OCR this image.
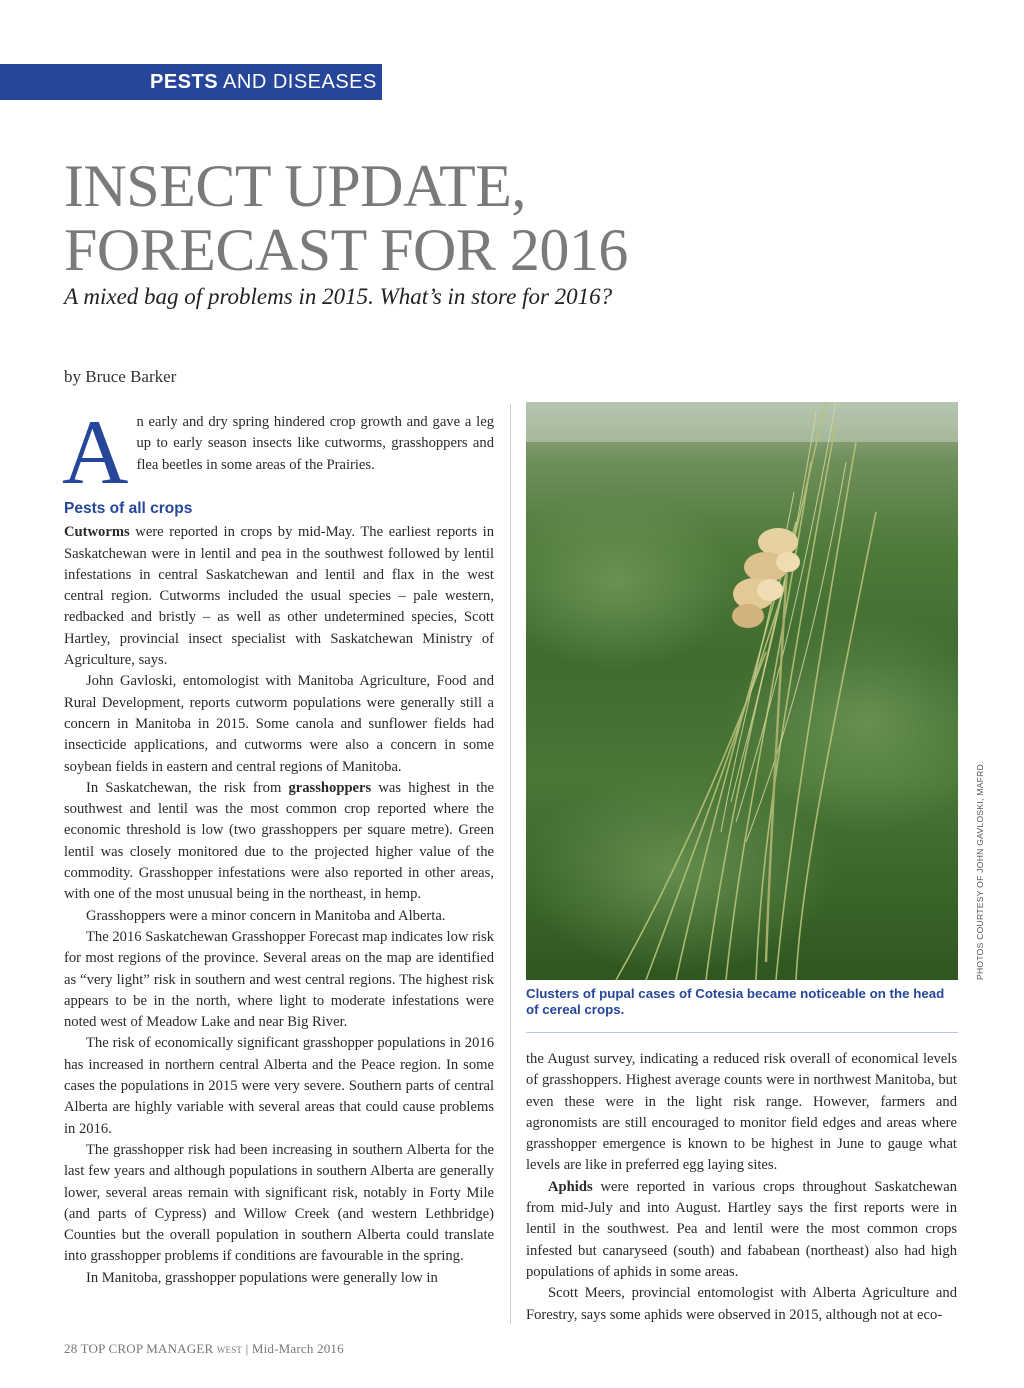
PESTS AND DISEASES
INSECT UPDATE,
FORECAST FOR 2016
A mixed bag of problems in 2015. What’s in store for 2016?
by Bruce Barker

An early and dry spring hindered crop growth and gave a leg up to early season insects like cutworms, grasshoppers and flea beetles in some areas of the Prairies.

Pests of all crops

Cutworms were reported in crops by mid-May. The earliest reports in Saskatchewan were in lentil and pea in the southwest followed by lentil infestations in central Saskatchewan and lentil and flax in the west central region. Cutworms included the usual species – pale western, redbacked and bristly – as well as other undetermined species, Scott Hartley, provincial insect specialist with Saskatchewan Ministry of Agriculture, says.

John Gavloski, entomologist with Manitoba Agriculture, Food and Rural Development, reports cutworm populations were generally still a concern in Manitoba in 2015. Some canola and sunflower fields had insecticide applications, and cutworms were also a concern in some soybean fields in eastern and central regions of Manitoba.

In Saskatchewan, the risk from grasshoppers was highest in the southwest and lentil was the most common crop reported where the economic threshold is low (two grasshoppers per square metre). Green lentil was closely monitored due to the projected higher value of the commodity. Grasshopper infestations were also reported in other areas, with one of the most unusual being in the northeast, in hemp.

Grasshoppers were a minor concern in Manitoba and Alberta.

The 2016 Saskatchewan Grasshopper Forecast map indicates low risk for most regions of the province. Several areas on the map are identified as “very light” risk in southern and west central regions. The highest risk appears to be in the north, where light to moderate infestations were noted west of Meadow Lake and near Big River.

The risk of economically significant grasshopper populations in 2016 has increased in northern central Alberta and the Peace region. In some cases the populations in 2015 were very severe. Southern parts of central Alberta are highly variable with several areas that could cause problems in 2016.

The grasshopper risk had been increasing in southern Alberta for the last few years and although populations in southern Alberta are generally lower, several areas remain with significant risk, notably in Forty Mile (and parts of Cypress) and Willow Creek (and western Lethbridge) Counties but the overall population in southern Alberta could translate into grasshopper problems if conditions are favourable in the spring.

In Manitoba, grasshopper populations were generally low in

PHOTOS COURTESY OF JOHN GAVLOSKI, MAFRD.
Clusters of pupal cases of Cotesia became noticeable on the head of cereal crops.

the August survey, indicating a reduced risk overall of economical levels of grasshoppers. Highest average counts were in northwest Manitoba, but even these were in the light risk range. However, farmers and agronomists are still encouraged to monitor field edges and areas where grasshopper emergence is known to be highest in June to gauge what levels are like in preferred egg laying sites.

Aphids were reported in various crops throughout Saskatchewan from mid-July and into August. Hartley says the first reports were in lentil in the southwest. Pea and lentil were the most common crops infested but canaryseed (south) and fababean (northeast) also had high populations of aphids in some areas.

Scott Meers, provincial entomologist with Alberta Agriculture and Forestry, says some aphids were observed in 2015, although not at eco-

28 TOP CROP MANAGER WEST | Mid-March 2016
